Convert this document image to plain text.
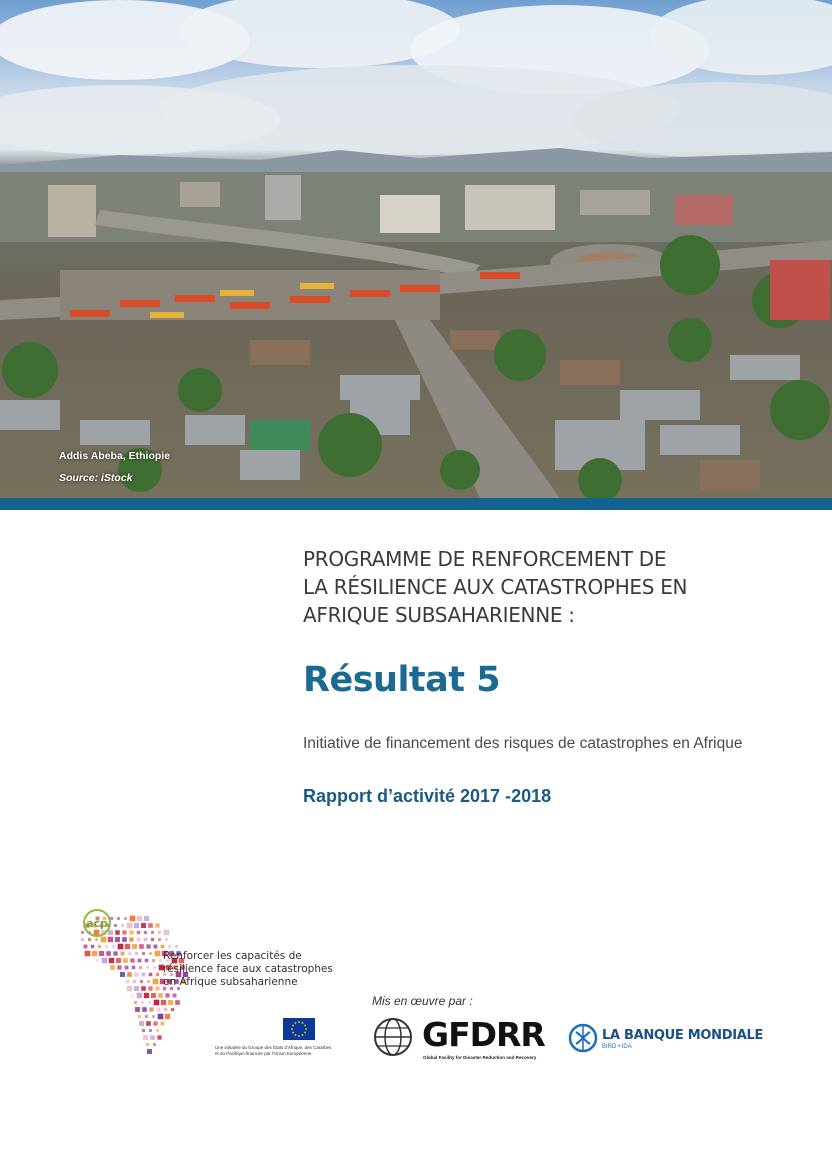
Addis Abeba, Ethiopie
Source: iStock
PROGRAMME DE RENFORCEMENT DE
LA RÉSILIENCE AUX CATASTROPHES EN
AFRIQUE SUBSAHARIENNE :
Résultat 5
Initiative de financement des risques de catastrophes en Afrique
Rapport d’activité 2017 -2018
Renforcer les capacités de
résilience face aux catastrophes
en Afrique subsaharienne
acp
Une initiative du Groupe des États d'Afrique, des Caraïbes
et du Pacifique financée par l'Union Européenne
Mis en œuvre par :
GFDRR
Global Facility for Disaster Reduction and Recovery
LA BANQUE MONDIALE
BIRD • IDA
